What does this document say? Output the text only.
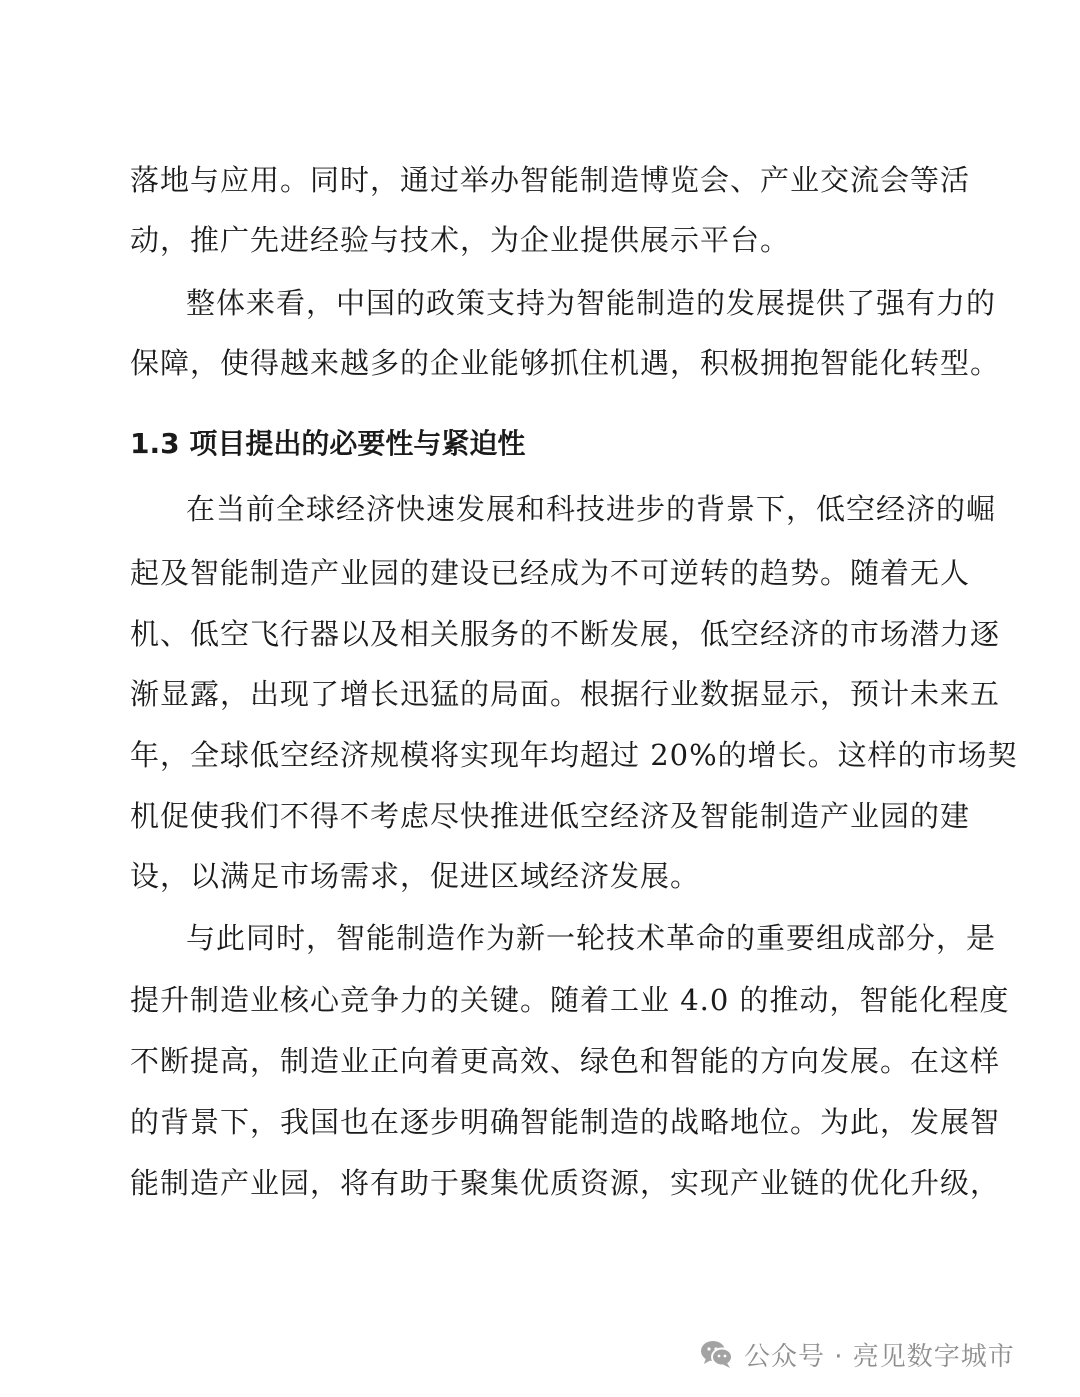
落地与应用。同时，通过举办智能制造博览会、产业交流会等活
动，推广先进经验与技术，为企业提供展示平台。
整体来看，中国的政策支持为智能制造的发展提供了强有力的
保障，使得越来越多的企业能够抓住机遇，积极拥抱智能化转型。
1.3 项目提出的必要性与紧迫性
在当前全球经济快速发展和科技进步的背景下，低空经济的崛
起及智能制造产业园的建设已经成为不可逆转的趋势。随着无人
机、低空飞行器以及相关服务的不断发展，低空经济的市场潜力逐
渐显露，出现了增长迅猛的局面。根据行业数据显示，预计未来五
年，全球低空经济规模将实现年均超过 20%的增长。这样的市场契
机促使我们不得不考虑尽快推进低空经济及智能制造产业园的建
设，以满足市场需求，促进区域经济发展。
与此同时，智能制造作为新一轮技术革命的重要组成部分，是
提升制造业核心竞争力的关键。随着工业 4.0 的推动，智能化程度
不断提高，制造业正向着更高效、绿色和智能的方向发展。在这样
的背景下，我国也在逐步明确智能制造的战略地位。为此，发展智
能制造产业园，将有助于聚集优质资源，实现产业链的优化升级，
公众号 · 亮见数字城市
